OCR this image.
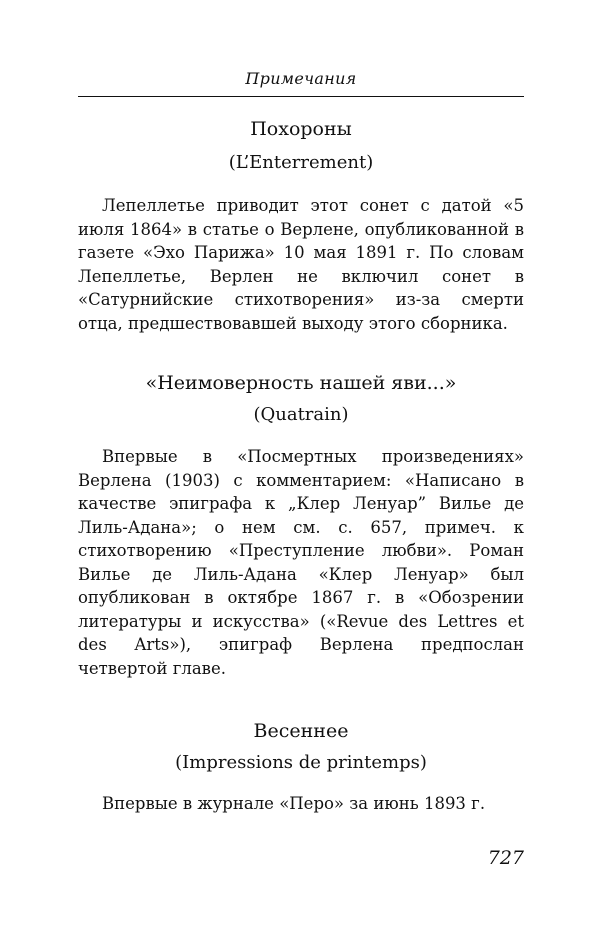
Примечания

Похороны

(L’Enterrement)

Лепеллетье приводит этот сонет с датой «5 июля 1864» в статье о Верлене, опубликованной в газете «Эхо Парижа» 10 мая 1891 г. По словам Лепеллетье, Верлен не включил сонет в «Сатурнийские стихотворения» из-за смерти отца, предшествовавшей выходу этого сборника.

«Неимоверность нашей яви...»

(Quatrain)

Впервые в «Посмертных произведениях» Верлена (1903) с комментарием: «Написано в качестве эпиграфа к „Клер Ленуар” Вилье де Лиль-Адана»; о нем см. с. 657, примеч. к стихотворению «Преступление любви». Роман Вилье де Лиль-Адана «Клер Ленуар» был опубликован в октябре 1867 г. в «Обозрении литературы и искусства» («Revue des Lettres et des Arts»), эпиграф Верлена предпослан четвертой главе.

Весеннее

(Impressions de printemps)

Впервые в журнале «Перо» за июнь 1893 г.

727
